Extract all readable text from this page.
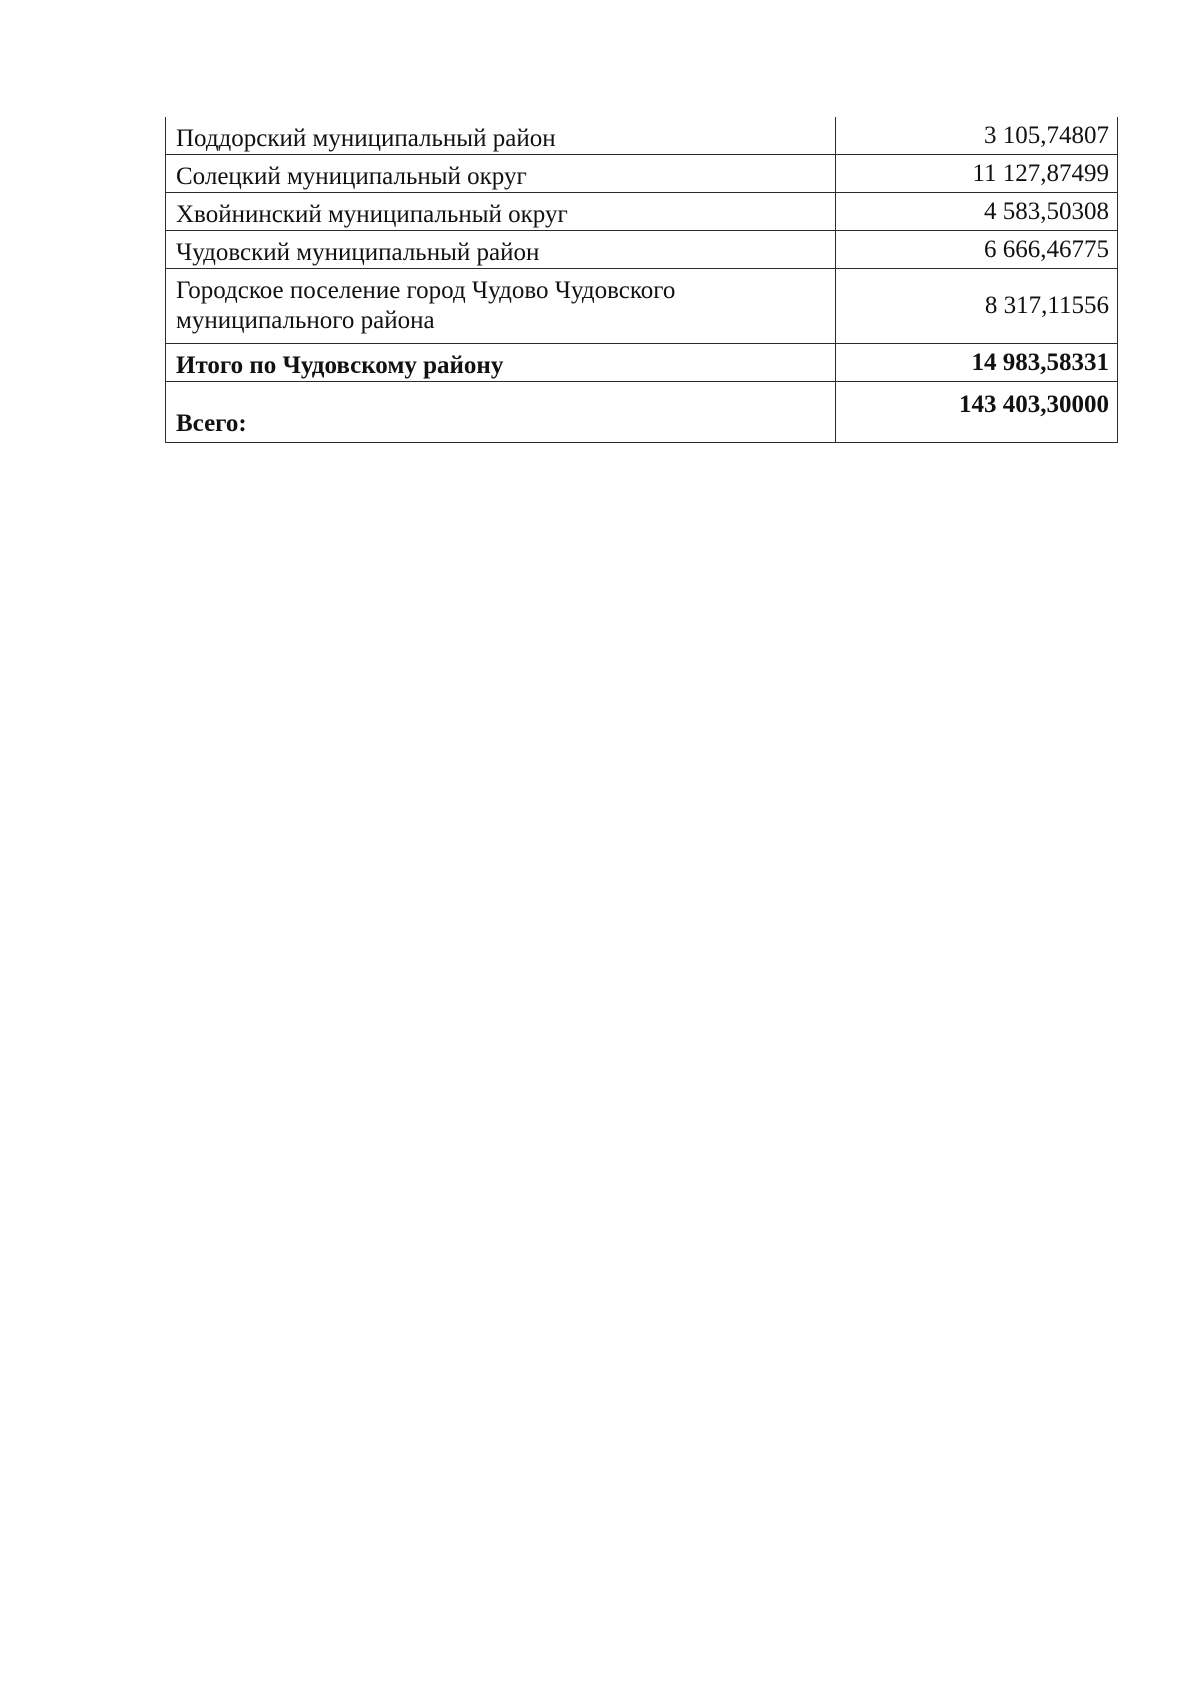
Поддорский муниципальный район	3 105,74807
Солецкий муниципальный округ	11 127,87499
Хвойнинский муниципальный округ	4 583,50308
Чудовский муниципальный район	6 666,46775
Городское поселение город Чудово Чудовского муниципального района	8 317,11556
Итого по Чудовскому району	14 983,58331
Всего:	143 403,30000
